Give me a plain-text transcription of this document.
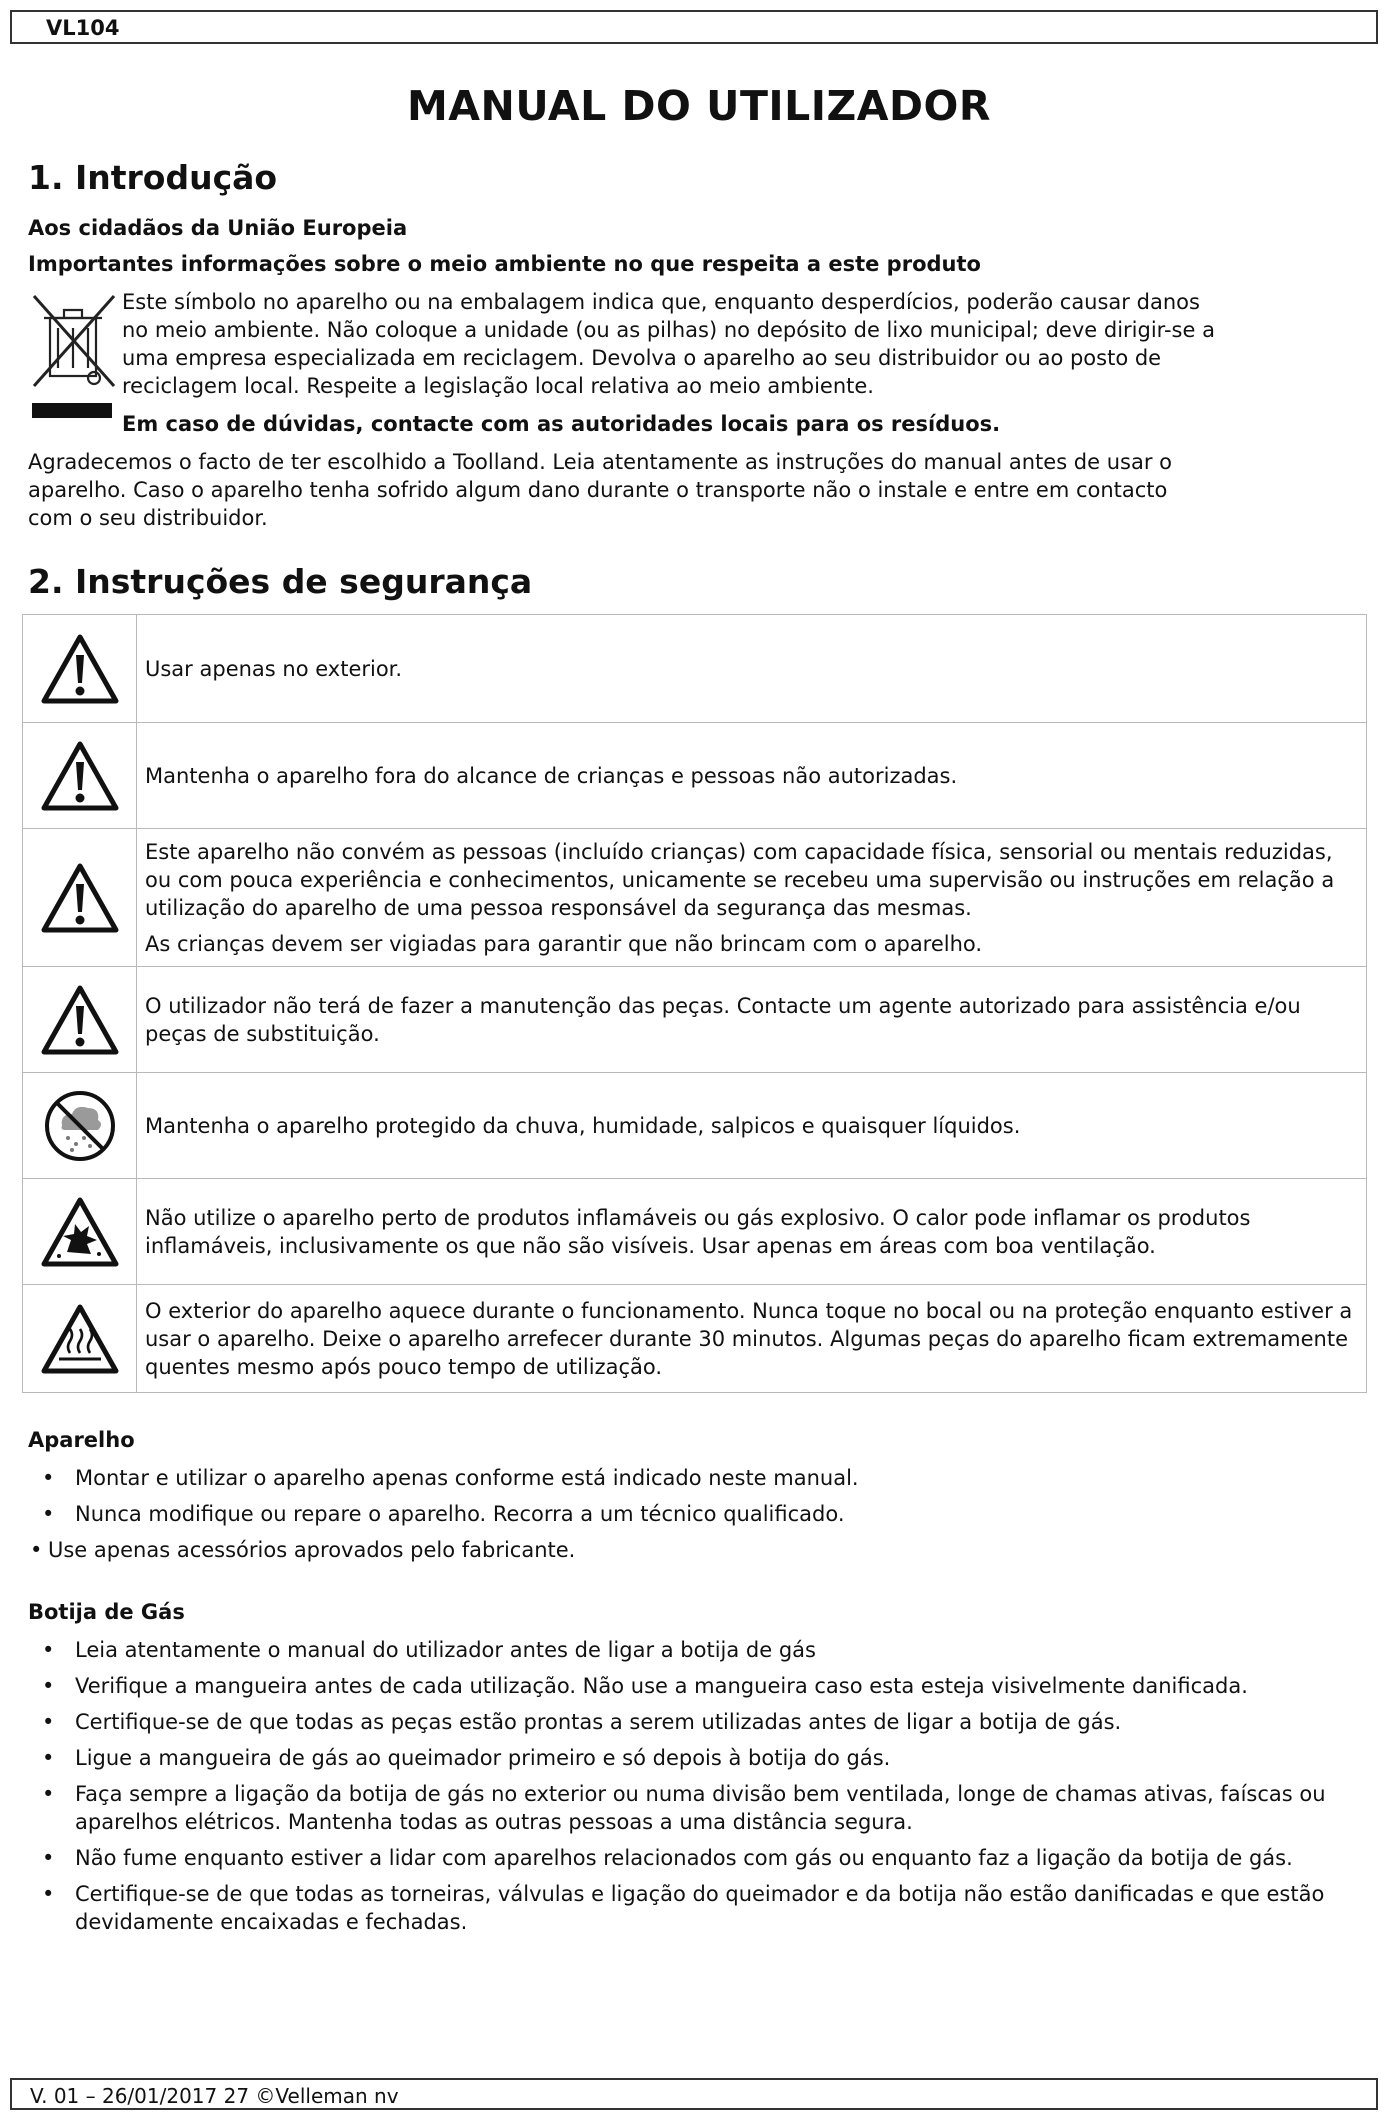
VL104
MANUAL DO UTILIZADOR
1. Introdução
Aos cidadãos da União Europeia
Importantes informações sobre o meio ambiente no que respeita a este produto
Este símbolo no aparelho ou na embalagem indica que, enquanto desperdícios, poderão causar danos
no meio ambiente. Não coloque a unidade (ou as pilhas) no depósito de lixo municipal; deve dirigir-se a
uma empresa especializada em reciclagem. Devolva o aparelho ao seu distribuidor ou ao posto de
reciclagem local. Respeite a legislação local relativa ao meio ambiente.
Em caso de dúvidas, contacte com as autoridades locais para os resíduos.
Agradecemos o facto de ter escolhido a Toolland. Leia atentamente as instruções do manual antes de usar o
aparelho. Caso o aparelho tenha sofrido algum dano durante o transporte não o instale e entre em contacto
com o seu distribuidor.
2. Instruções de segurança

Usar apenas no exterior.

Mantenha o aparelho fora do alcance de crianças e pessoas não autorizadas.

Este aparelho não convém as pessoas (incluído crianças) com capacidade física, sensorial ou mentais reduzidas, ou com pouca experiência e conhecimentos, unicamente se recebeu uma supervisão ou instruções em relação a utilização do aparelho de uma pessoa responsável da segurança das mesmas.

As crianças devem ser vigiadas para garantir que não brincam com o aparelho.

O utilizador não terá de fazer a manutenção das peças. Contacte um agente autorizado para assistência e/ou peças de substituição.

Mantenha o aparelho protegido da chuva, humidade, salpicos e quaisquer líquidos.

Não utilize o aparelho perto de produtos inflamáveis ou gás explosivo. O calor pode inflamar os produtos inflamáveis, inclusivamente os que não são visíveis. Usar apenas em áreas com boa ventilação.

O exterior do aparelho aquece durante o funcionamento. Nunca toque no bocal ou na proteção enquanto estiver a usar o aparelho. Deixe o aparelho arrefecer durante 30 minutos. Algumas peças do aparelho ficam extremamente quentes mesmo após pouco tempo de utilização.

Aparelho
• Montar e utilizar o aparelho apenas conforme está indicado neste manual.
• Nunca modifique ou repare o aparelho. Recorra a um técnico qualificado.
• Use apenas acessórios aprovados pelo fabricante.
Botija de Gás
• Leia atentamente o manual do utilizador antes de ligar a botija de gás
• Verifique a mangueira antes de cada utilização. Não use a mangueira caso esta esteja visivelmente danificada.
• Certifique-se de que todas as peças estão prontas a serem utilizadas antes de ligar a botija de gás.
• Ligue a mangueira de gás ao queimador primeiro e só depois à botija do gás.
• Faça sempre a ligação da botija de gás no exterior ou numa divisão bem ventilada, longe de chamas ativas, faíscas ou aparelhos elétricos. Mantenha todas as outras pessoas a uma distância segura.
• Não fume enquanto estiver a lidar com aparelhos relacionados com gás ou enquanto faz a ligação da botija de gás.
• Certifique-se de que todas as torneiras, válvulas e ligação do queimador e da botija não estão danificadas e que estão devidamente encaixadas e fechadas.
V. 01 – 26/01/2017 27 ©Velleman nv
